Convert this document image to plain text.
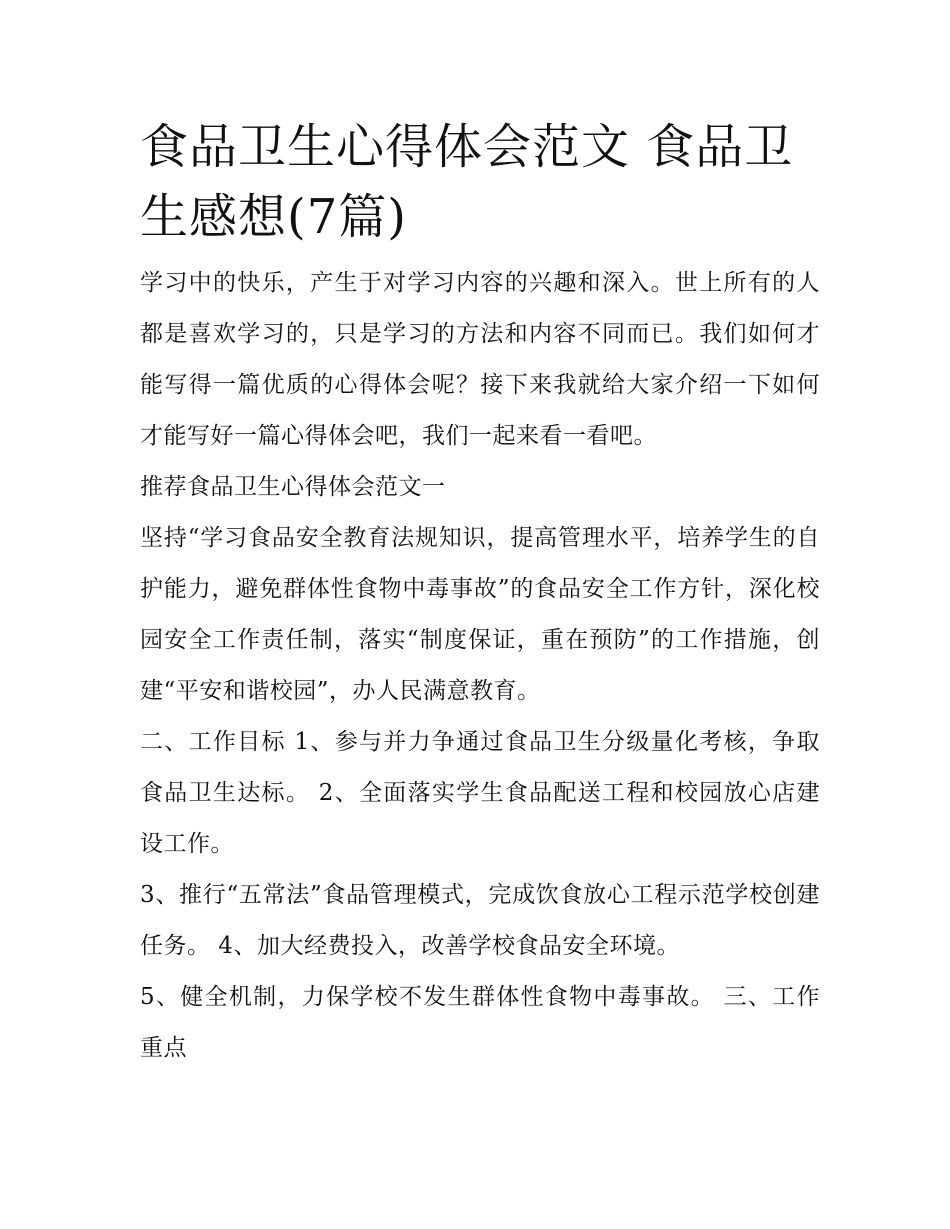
食品卫生心得体会范文 食品卫生感想(7篇)

学习中的快乐，产生于对学习内容的兴趣和深入。世上所有的人都是喜欢学习的，只是学习的方法和内容不同而已。我们如何才能写得一篇优质的心得体会呢？接下来我就给大家介绍一下如何才能写好一篇心得体会吧，我们一起来看一看吧。

推荐食品卫生心得体会范文一

坚持“学习食品安全教育法规知识，提高管理水平，培养学生的自护能力，避免群体性食物中毒事故”的食品安全工作方针，深化校园安全工作责任制，落实“制度保证，重在预防”的工作措施，创建“平安和谐校园”，办人民满意教育。

二、工作目标 1、参与并力争通过食品卫生分级量化考核，争取食品卫生达标。 2、全面落实学生食品配送工程和校园放心店建设工作。

3、推行“五常法”食品管理模式，完成饮食放心工程示范学校创建任务。 4、加大经费投入，改善学校食品安全环境。

5、健全机制，力保学校不发生群体性食物中毒事故。 三、工作重点
